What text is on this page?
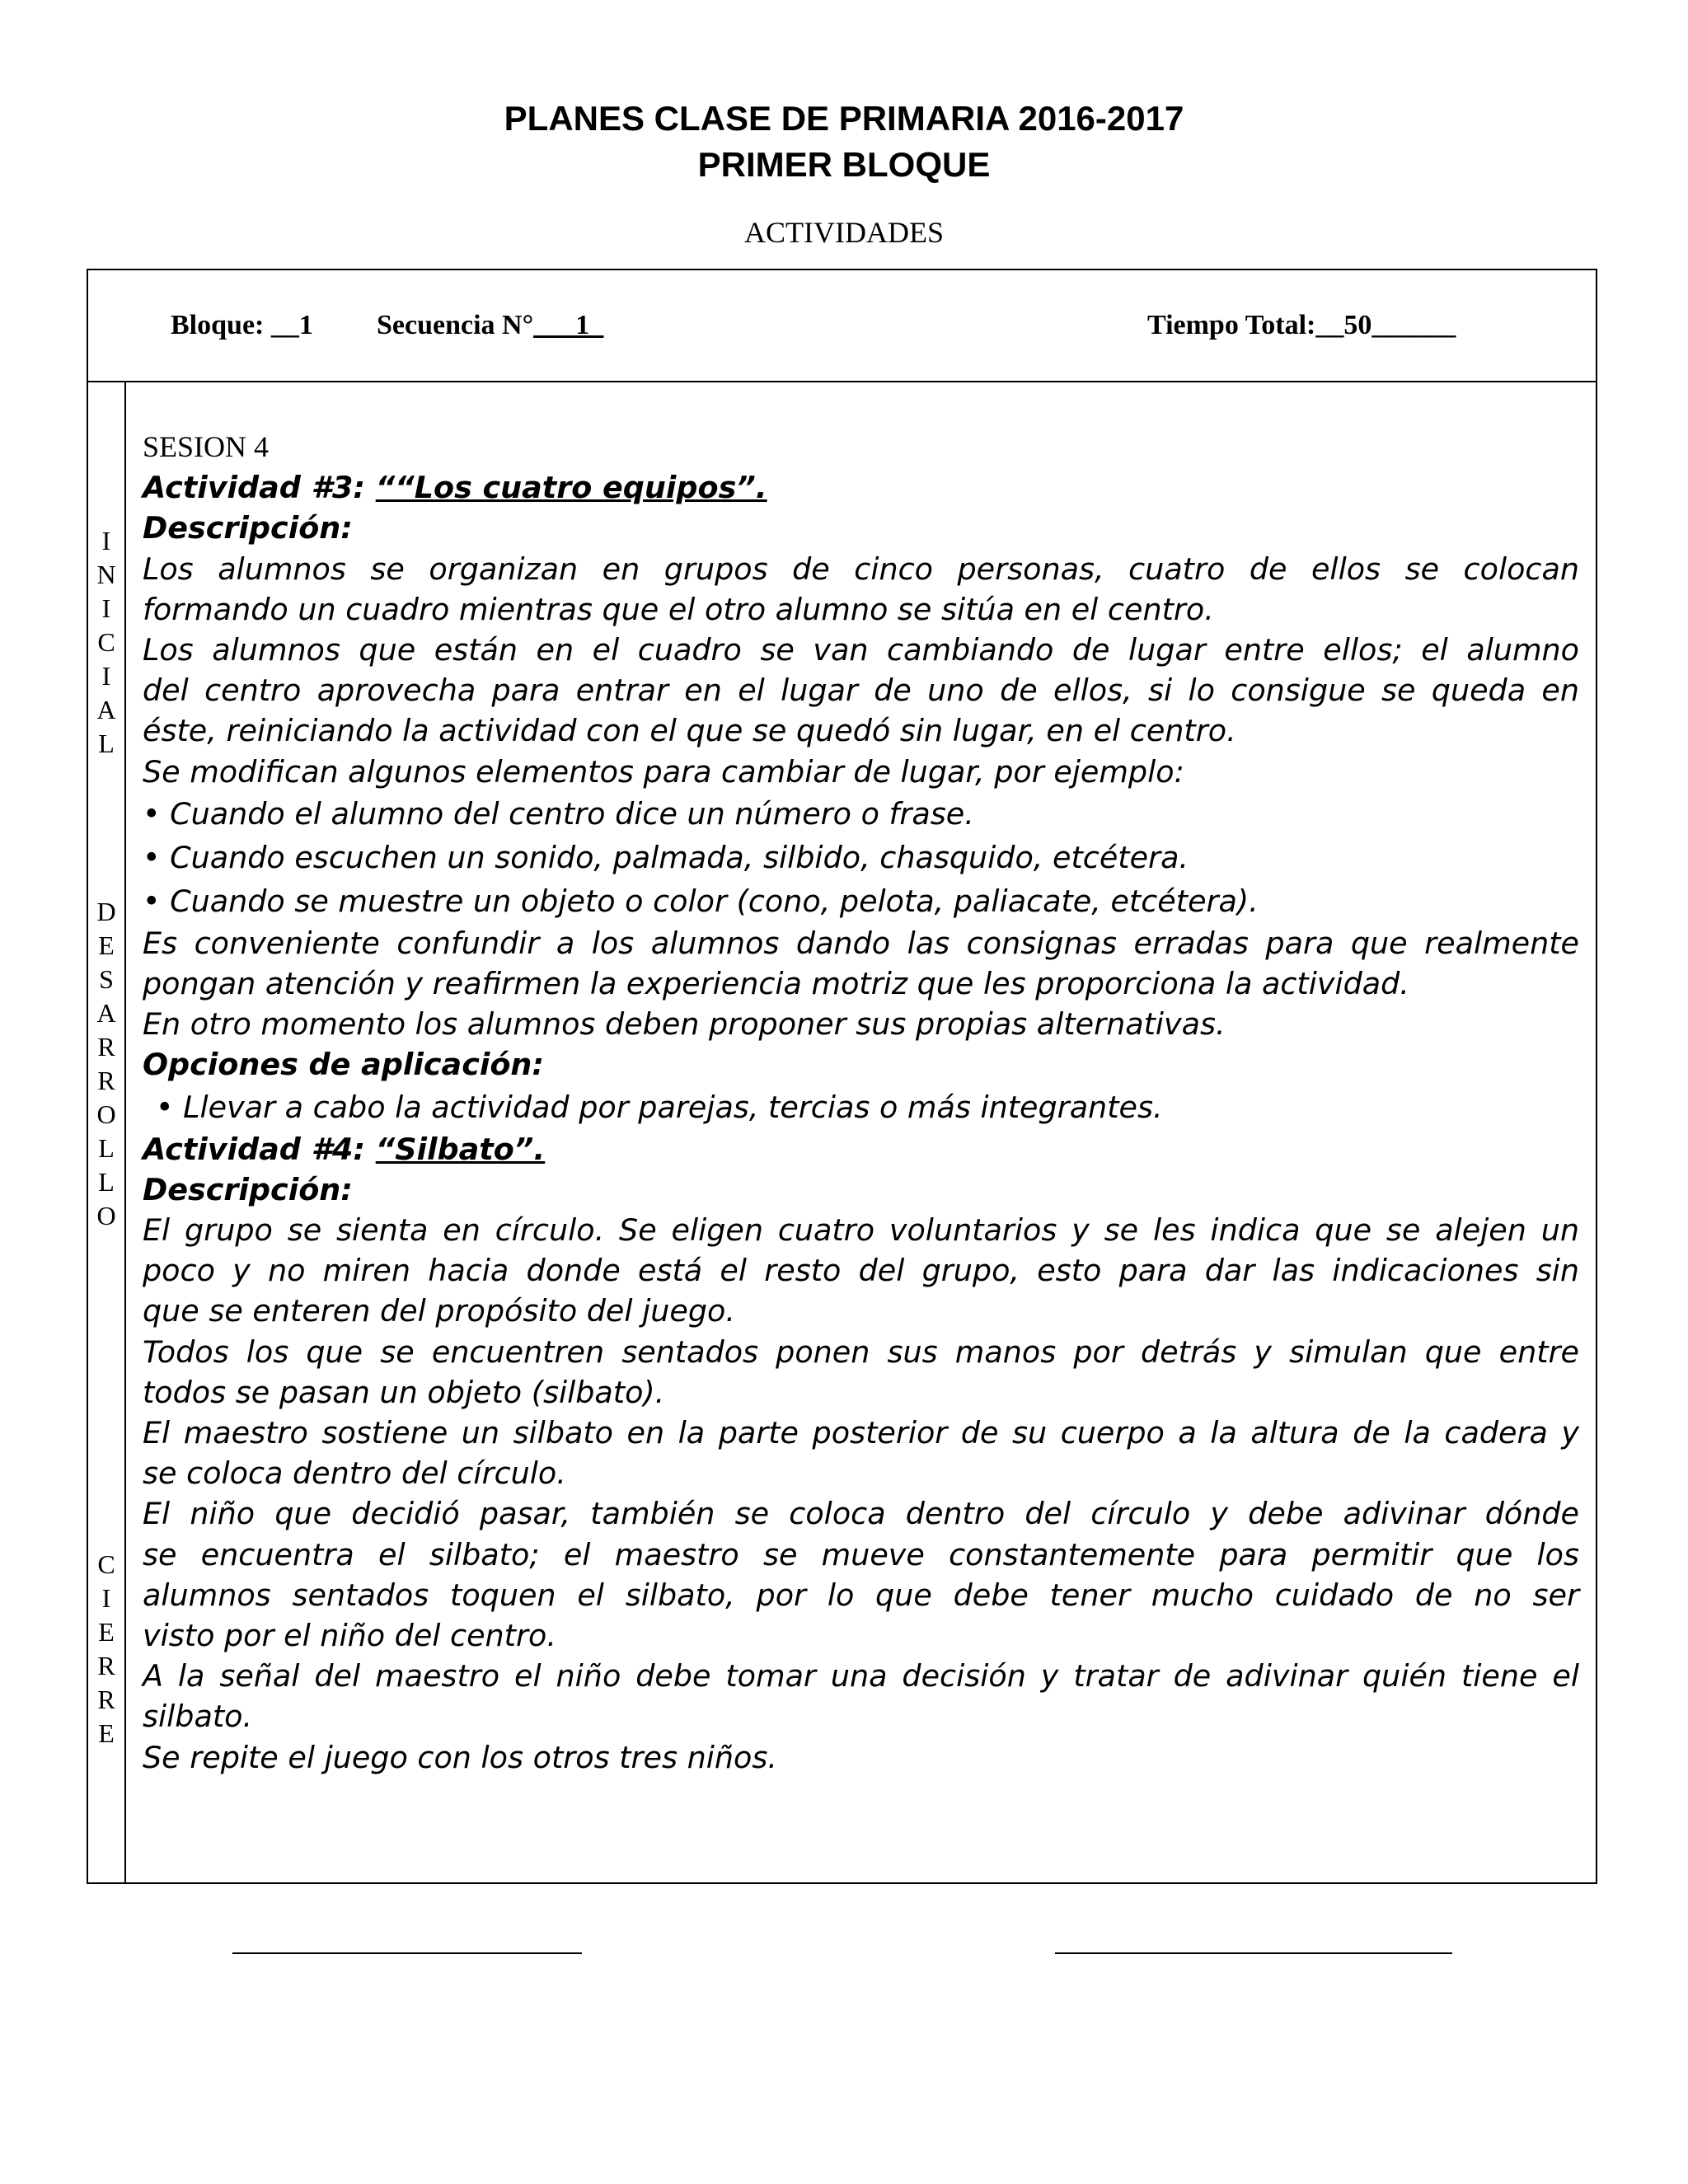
PLANES CLASE DE PRIMARIA 2016-2017
PRIMER BLOQUE
ACTIVIDADES
Bloque: __1 Secuencia N°___1_	Tiempo Total:__50______
I
N
I
C
I
A
L
D
E
S
A
R
R
O
L
L
O
C
I
E
R
R
E
SESION 4
Actividad #3: ““Los cuatro equipos”.
Descripción:
Los alumnos se organizan en grupos de cinco personas, cuatro de ellos se colocan
formando un cuadro mientras que el otro alumno se sitúa en el centro.
Los alumnos que están en el cuadro se van cambiando de lugar entre ellos; el alumno
del centro aprovecha para entrar en el lugar de uno de ellos, si lo consigue se queda en
éste, reiniciando la actividad con el que se quedó sin lugar, en el centro.
Se modifican algunos elementos para cambiar de lugar, por ejemplo:
• Cuando el alumno del centro dice un número o frase.
• Cuando escuchen un sonido, palmada, silbido, chasquido, etcétera.
• Cuando se muestre un objeto o color (cono, pelota, paliacate, etcétera).
Es conveniente confundir a los alumnos dando las consignas erradas para que realmente
pongan atención y reafirmen la experiencia motriz que les proporciona la actividad.
En otro momento los alumnos deben proponer sus propias alternativas.
Opciones de aplicación:
• Llevar a cabo la actividad por parejas, tercias o más integrantes.
Actividad #4: “Silbato”.
Descripción:
El grupo se sienta en círculo. Se eligen cuatro voluntarios y se les indica que se alejen un
poco y no miren hacia donde está el resto del grupo, esto para dar las indicaciones sin
que se enteren del propósito del juego.
Todos los que se encuentren sentados ponen sus manos por detrás y simulan que entre
todos se pasan un objeto (silbato).
El maestro sostiene un silbato en la parte posterior de su cuerpo a la altura de la cadera y
se coloca dentro del círculo.
El niño que decidió pasar, también se coloca dentro del círculo y debe adivinar dónde
se encuentra el silbato; el maestro se mueve constantemente para permitir que los
alumnos sentados toquen el silbato, por lo que debe tener mucho cuidado de no ser
visto por el niño del centro.
A la señal del maestro el niño debe tomar una decisión y tratar de adivinar quién tiene el
silbato.
Se repite el juego con los otros tres niños.
